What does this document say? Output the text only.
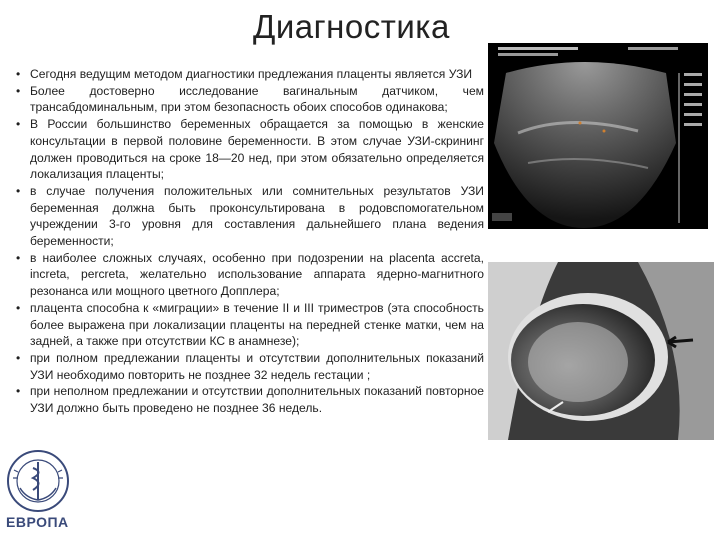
Диагностика
• Сегодня ведущим методом диагностики предлежания плаценты является УЗИ
• Более достоверно исследование вагинальным датчиком, чем трансабдоминальным, при этом безопасность обоих способов одинакова;
• В России большинство беременных обращается за помощью в женские консультации в первой половине беременности. В этом случае УЗИ-скрининг должен проводиться на сроке 18—20 нед, при этом обязательно определяется локализация плаценты;
• в случае получения положительных или сомнительных результатов УЗИ беременная должна быть проконсультирована в родовспомогательном учреждении 3-го уровня для составления дальнейшего плана ведения беременности;
• в наиболее сложных случаях, особенно при подозрении на placenta accreta, increta, percreta, желательно использование аппарата ядерно-магнитного резонанса или мощного цветного Допплера;
• плацента способна к «миграции» в течение II и III триместров (эта способность более выражена при локализации плаценты на передней стенке матки, чем на задней, а также при отсутствии КС в анамнезе);
• при полном предлежании плаценты и отсутствии дополнительных показаний УЗИ необходимо повторить не позднее 32 недель гестации ;
• при неполном предлежании и отсутствии дополнительных показаний повторное УЗИ должно быть проведено не позднее 36 недель.
ЕВРОПА
